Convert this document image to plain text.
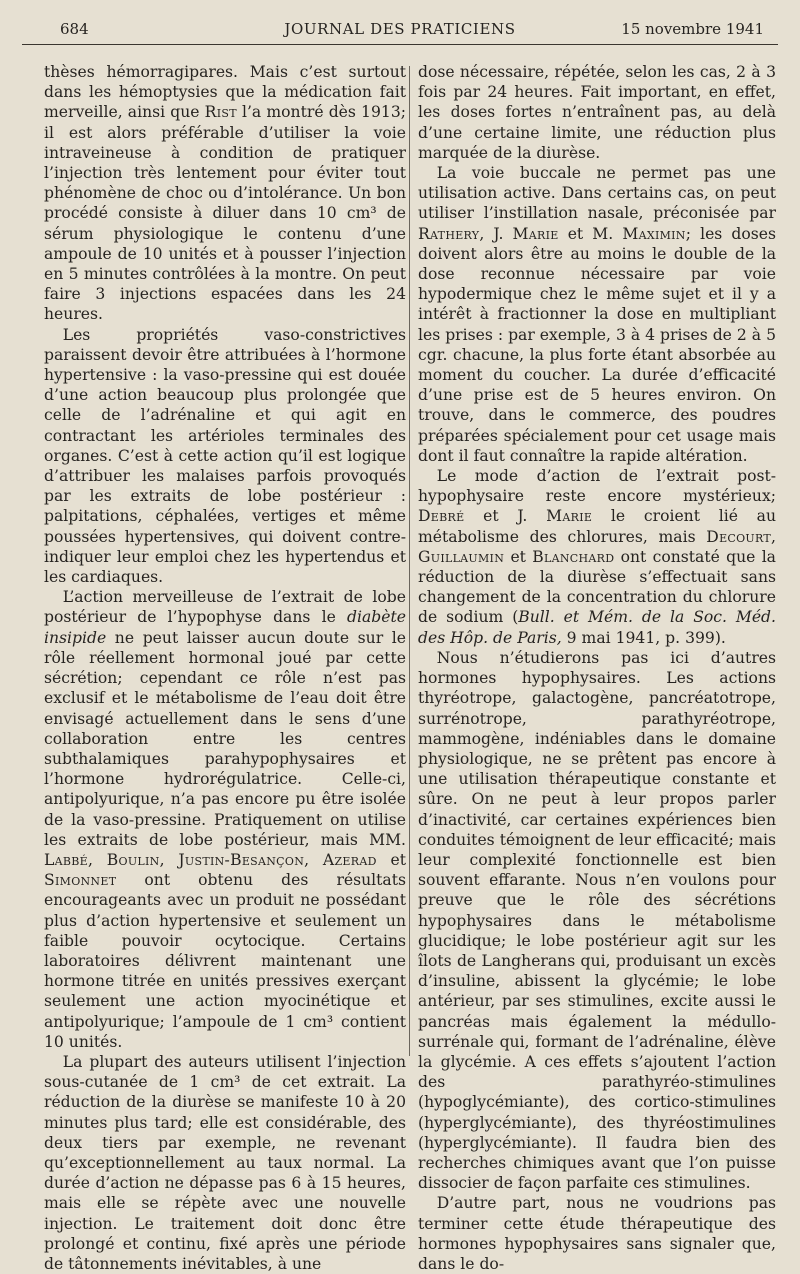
684	JOURNAL DES PRATICIENS	15 novembre 1941

thèses hémorragipares. Mais c’est surtout dans les hémoptysies que la médication fait merveille, ainsi que Rist l’a montré dès 1913; il est alors préférable d’utiliser la voie intraveineuse à condition de pratiquer l’injection très lentement pour éviter tout phénomène de choc ou d’intolérance. Un bon procédé consiste à diluer dans 10 cm³ de sérum physiologique le contenu d’une ampoule de 10 unités et à pousser l’injection en 5 minutes contrôlées à la montre. On peut faire 3 injections espacées dans les 24 heures.

Les propriétés vaso-constrictives paraissent devoir être attribuées à l’hormone hypertensive : la vaso-pressine qui est douée d’une action beaucoup plus prolongée que celle de l’adrénaline et qui agit en contractant les artérioles terminales des organes. C’est à cette action qu’il est logique d’attribuer les malaises parfois provoqués par les extraits de lobe postérieur : palpitations, céphalées, vertiges et même poussées hypertensives, qui doivent contre-indiquer leur emploi chez les hypertendus et les cardiaques.

L’action merveilleuse de l’extrait de lobe postérieur de l’hypophyse dans le diabète insipide ne peut laisser aucun doute sur le rôle réellement hormonal joué par cette sécrétion; cependant ce rôle n’est pas exclusif et le métabolisme de l’eau doit être envisagé actuellement dans le sens d’une collaboration entre les centres subthalamiques parahypophysaires et l’hormone hydrorégulatrice. Celle-ci, antipolyurique, n’a pas encore pu être isolée de la vaso-pressine. Pratiquement on utilise les extraits de lobe postérieur, mais MM. Labbé, Boulin, Justin-Besançon, Azerad et Simonnet ont obtenu des résultats encourageants avec un produit ne possédant plus d’action hypertensive et seulement un faible pouvoir ocytocique. Certains laboratoires délivrent maintenant une hormone titrée en unités pressives exerçant seulement une action myocinétique et antipolyurique; l’ampoule de 1 cm³ contient 10 unités.

La plupart des auteurs utilisent l’injection sous-cutanée de 1 cm³ de cet extrait. La réduction de la diurèse se manifeste 10 à 20 minutes plus tard; elle est considérable, des deux tiers par exemple, ne revenant qu’exceptionnellement au taux normal. La durée d’action ne dépasse pas 6 à 15 heures, mais elle se répète avec une nouvelle injection. Le traitement doit donc être prolongé et continu, fixé après une période de tâtonnements inévitables, à une

dose nécessaire, répétée, selon les cas, 2 à 3 fois par 24 heures. Fait important, en effet, les doses fortes n’entraînent pas, au delà d’une certaine limite, une réduction plus marquée de la diurèse.

La voie buccale ne permet pas une utilisation active. Dans certains cas, on peut utiliser l’instillation nasale, préconisée par Rathery, J. Marie et M. Maximin; les doses doivent alors être au moins le double de la dose reconnue nécessaire par voie hypodermique chez le même sujet et il y a intérêt à fractionner la dose en multipliant les prises : par exemple, 3 à 4 prises de 2 à 5 cgr. chacune, la plus forte étant absorbée au moment du coucher. La durée d’efficacité d’une prise est de 5 heures environ. On trouve, dans le commerce, des poudres préparées spécialement pour cet usage mais dont il faut connaître la rapide altération.

Le mode d’action de l’extrait post-hypophysaire reste encore mystérieux; Debré et J. Marie le croient lié au métabolisme des chlorures, mais Decourt, Guillaumin et Blanchard ont constaté que la réduction de la diurèse s’effectuait sans changement de la concentration du chlorure de sodium (Bull. et Mém. de la Soc. Méd. des Hôp. de Paris, 9 mai 1941, p. 399).

Nous n’étudierons pas ici d’autres hormones hypophysaires. Les actions thyréotrope, galactogène, pancréatotrope, surrénotrope, parathyréotrope, mammogène, indéniables dans le domaine physiologique, ne se prêtent pas encore à une utilisation thérapeutique constante et sûre. On ne peut à leur propos parler d’inactivité, car certaines expériences bien conduites témoignent de leur efficacité; mais leur complexité fonctionnelle est bien souvent effarante. Nous n’en voulons pour preuve que le rôle des sécrétions hypophysaires dans le métabolisme glucidique; le lobe postérieur agit sur les îlots de Langherans qui, produisant un excès d’insuline, abissent la glycémie; le lobe antérieur, par ses stimulines, excite aussi le pancréas mais également la médullo-surrénale qui, formant de l’adrénaline, élève la glycémie. A ces effets s’ajoutent l’action des parathyréo-stimulines (hypoglycémiante), des cortico-stimulines (hyperglycémiante), des thyréostimulines (hyperglycémiante). Il faudra bien des recherches chimiques avant que l’on puisse dissocier de façon parfaite ces stimulines.

D’autre part, nous ne voudrions pas terminer cette étude thérapeutique des hormones hypophysaires sans signaler que, dans le do-
